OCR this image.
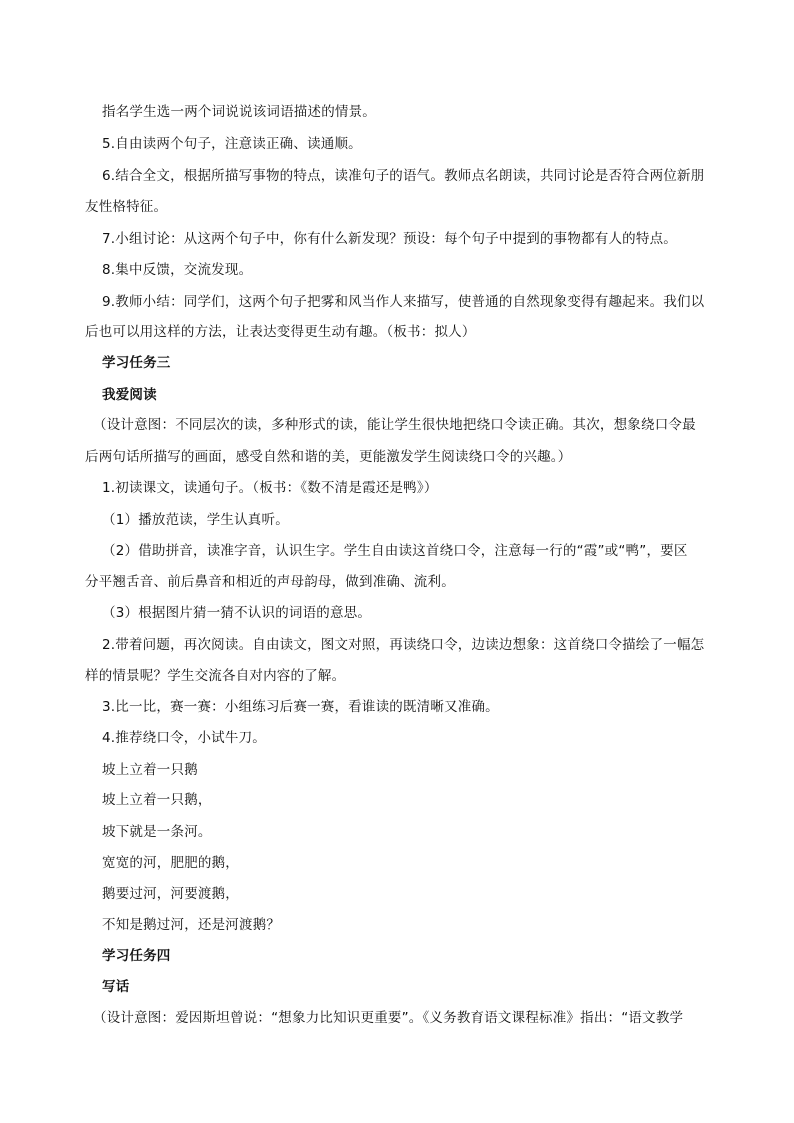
指名学生选一两个词说说该词语描述的情景。
5.自由读两个句子，注意读正确、读通顺。
6.结合全文，根据所描写事物的特点，读准句子的语气。教师点名朗读，共同讨论是否符合两位新朋
友性格特征。
7.小组讨论：从这两个句子中，你有什么新发现？预设：每个句子中提到的事物都有人的特点。
8.集中反馈，交流发现。
9.教师小结：同学们，这两个句子把雾和风当作人来描写，使普通的自然现象变得有趣起来。我们以
后也可以用这样的方法，让表达变得更生动有趣。（板书：拟人）
学习任务三
我爱阅读
（设计意图：不同层次的读，多种形式的读，能让学生很快地把绕口令读正确。其次，想象绕口令最
后两句话所描写的画面，感受自然和谐的美，更能激发学生阅读绕口令的兴趣。）
1.初读课文，读通句子。（板书：《数不清是霞还是鸭》）
（1）播放范读，学生认真听。
（2）借助拼音，读准字音，认识生字。学生自由读这首绕口令，注意每一行的“霞”或“鸭”，要区
分平翘舌音、前后鼻音和相近的声母韵母，做到准确、流利。
（3）根据图片猜一猜不认识的词语的意思。
2.带着问题，再次阅读。自由读文，图文对照，再读绕口令，边读边想象：这首绕口令描绘了一幅怎
样的情景呢？学生交流各自对内容的了解。
3.比一比，赛一赛：小组练习后赛一赛，看谁读的既清晰又准确。
4.推荐绕口令，小试牛刀。
坡上立着一只鹅
坡上立着一只鹅，
坡下就是一条河。
宽宽的河，肥肥的鹅，
鹅要过河，河要渡鹅，
不知是鹅过河，还是河渡鹅？
学习任务四
写话
（设计意图：爱因斯坦曾说：“想象力比知识更重要”。《义务教育语文课程标准》指出：“语文教学
